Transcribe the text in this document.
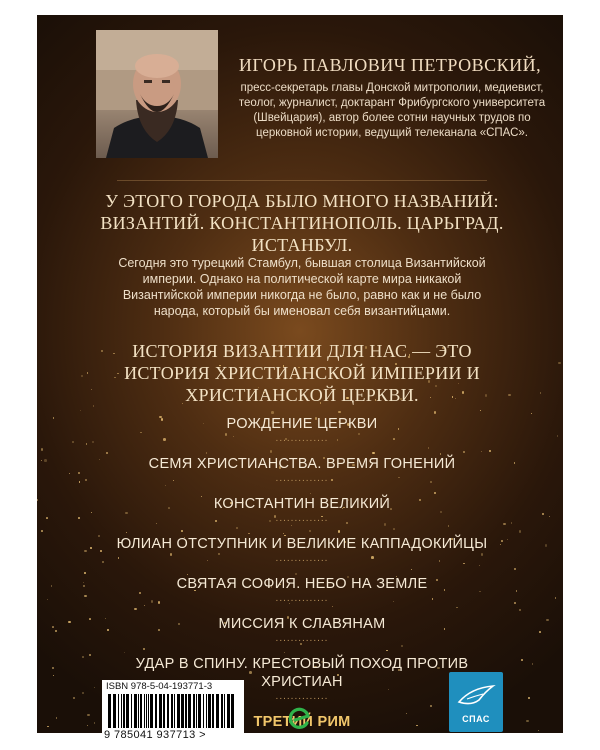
ИГОРЬ ПАВЛОВИЧ ПЕТРОВСКИЙ,

пресс-секретарь главы Донской митрополии, медиевист, теолог, журналист, доктарант Фрибургского университета (Швейцария), автор более сотни научных трудов по церковной истории, ведущий телеканала «СПАС».

У ЭТОГО ГОРОДА БЫЛО МНОГО НАЗВАНИЙ: ВИЗАНТИЙ. КОНСТАНТИНОПОЛЬ. ЦАРЬГРАД. ИСТАНБУЛ.

Сегодня это турецкий Стамбул, бывшая столица Византийской империи. Однако на политической карте мира никакой Византийской империи никогда не было, равно как и не было народа, который бы именовал себя византийцами.

ИСТОРИЯ ВИЗАНТИИ ДЛЯ НАС — ЭТО ИСТОРИЯ ХРИСТИАНСКОЙ ИМПЕРИИ И ХРИСТИАНСКОЙ ЦЕРКВИ.

РОЖДЕНИЕ ЦЕРКВИ
..............
СЕМЯ ХРИСТИАНСТВА. ВРЕМЯ ГОНЕНИЙ
..............
КОНСТАНТИН ВЕЛИКИЙ
..............
ЮЛИАН ОТСТУПНИК И ВЕЛИКИЕ КАППАДОКИЙЦЫ
..............
СВЯТАЯ СОФИЯ. НЕБО НА ЗЕМЛЕ
..............
МИССИЯ К СЛАВЯНАМ
..............
УДАР В СПИНУ. КРЕСТОВЫЙ ПОХОД ПРОТИВ ХРИСТИАН
..............
ТРЕТИЙ РИМ
ISBN 978-5-04-193771-3
9 785041 937713 >
СПАС
